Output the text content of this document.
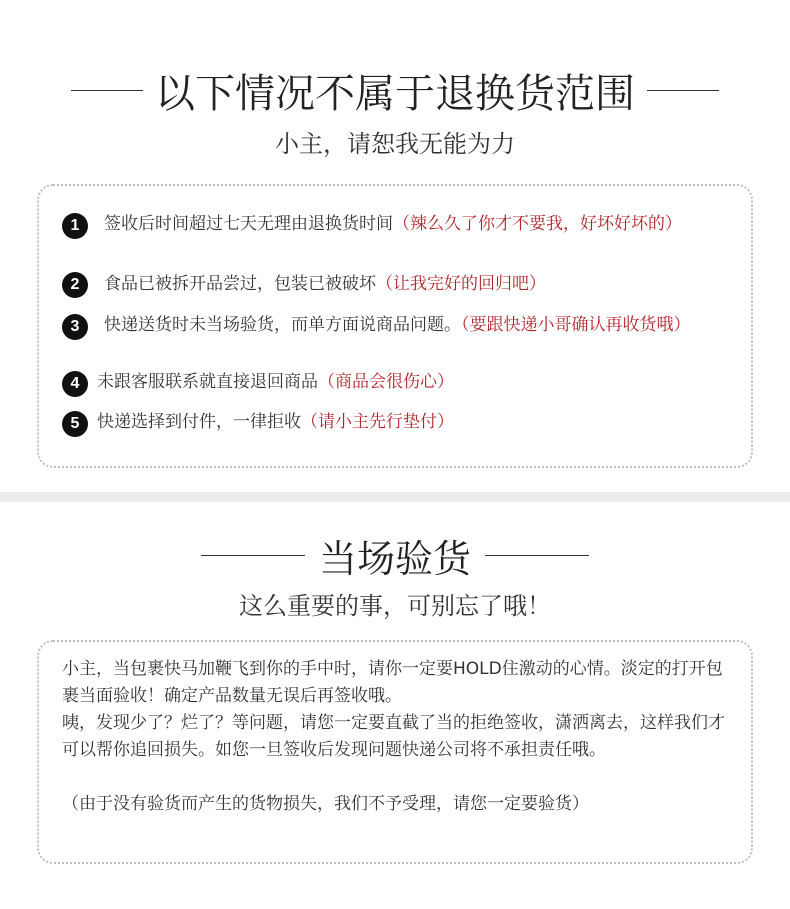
以下情况不属于退换货范围
小主，请恕我无能为力
1	签收后时间超过七天无理由退换货时间（辣么久了你才不要我，好坏好坏的）
2	食品已被拆开品尝过，包装已被破坏（让我完好的回归吧）
3	快递送货时未当场验货，而单方面说商品问题。（要跟快递小哥确认再收货哦）
4	未跟客服联系就直接退回商品（商品会很伤心）
5	快递选择到付件，一律拒收（请小主先行垫付）
当场验货
这么重要的事，可别忘了哦！
小主，当包裹快马加鞭飞到你的手中时，请你一定要HOLD住激动的心情。淡定的打开包裹当面验收！确定产品数量无误后再签收哦。
咦，发现少了？烂了？等问题，请您一定要直截了当的拒绝签收，潇洒离去，这样我们才可以帮你追回损失。如您一旦签收后发现问题快递公司将不承担责任哦。
（由于没有验货而产生的货物损失，我们不予受理，请您一定要验货）
